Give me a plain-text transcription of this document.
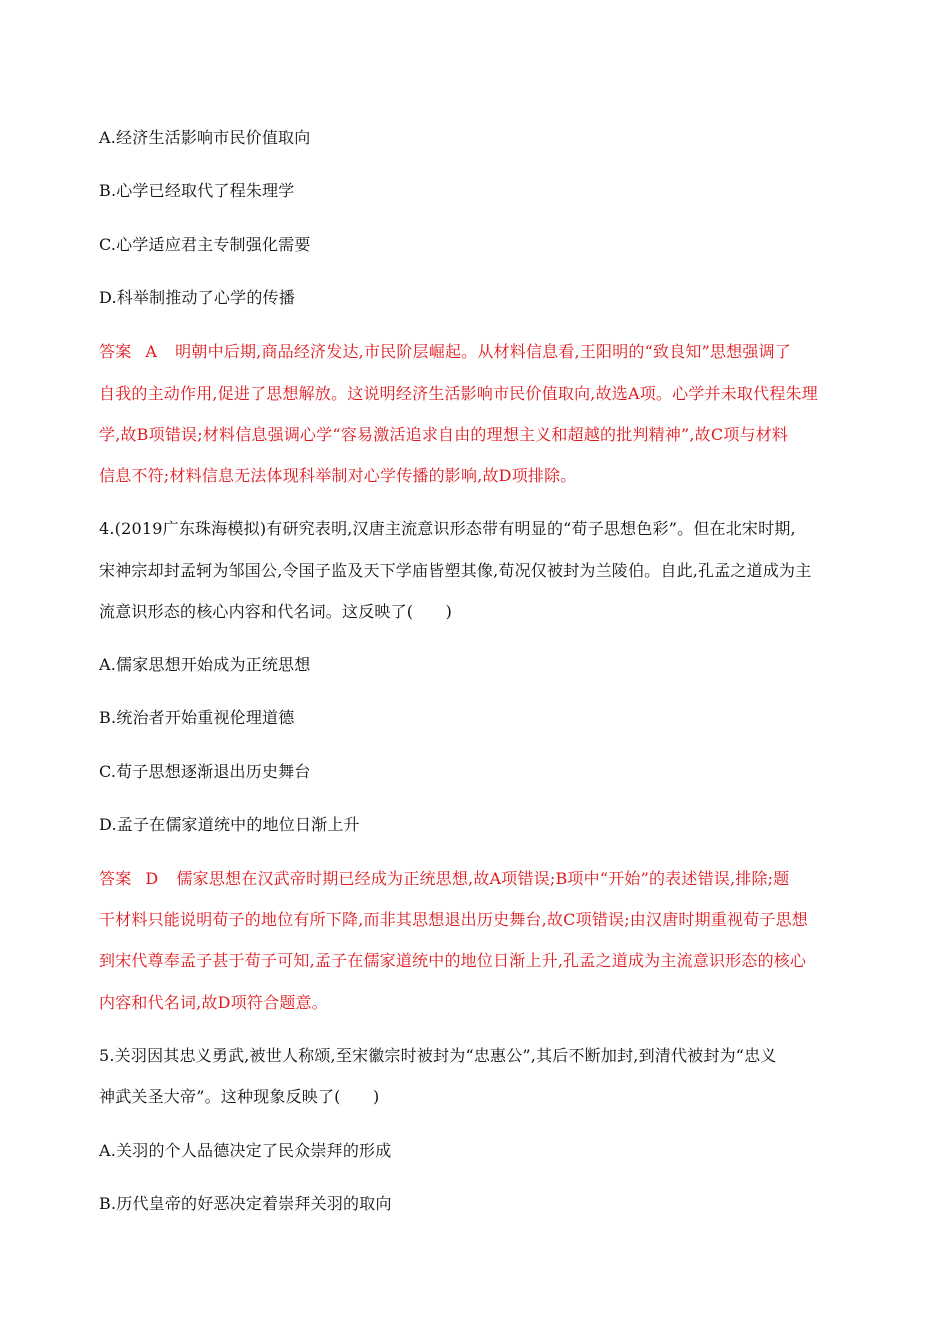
A.经济生活影响市民价值取向
B.心学已经取代了程朱理学
C.心学适应君主专制强化需要
D.科举制推动了心学的传播
答案 A 明朝中后期,商品经济发达,市民阶层崛起。从材料信息看,王阳明的“致良知”思想强调了
自我的主动作用,促进了思想解放。这说明经济生活影响市民价值取向,故选A项。心学并未取代程朱理
学,故B项错误;材料信息强调心学“容易激活追求自由的理想主义和超越的批判精神”,故C项与材料
信息不符;材料信息无法体现科举制对心学传播的影响,故D项排除。
4.(2019广东珠海模拟)有研究表明,汉唐主流意识形态带有明显的“荀子思想色彩”。但在北宋时期,
宋神宗却封孟轲为邹国公,令国子监及天下学庙皆塑其像,荀况仅被封为兰陵伯。自此,孔孟之道成为主
流意识形态的核心内容和代名词。这反映了(　　)
A.儒家思想开始成为正统思想
B.统治者开始重视伦理道德
C.荀子思想逐渐退出历史舞台
D.孟子在儒家道统中的地位日渐上升
答案 D 儒家思想在汉武帝时期已经成为正统思想,故A项错误;B项中“开始”的表述错误,排除;题
干材料只能说明荀子的地位有所下降,而非其思想退出历史舞台,故C项错误;由汉唐时期重视荀子思想
到宋代尊奉孟子甚于荀子可知,孟子在儒家道统中的地位日渐上升,孔孟之道成为主流意识形态的核心
内容和代名词,故D项符合题意。
5.关羽因其忠义勇武,被世人称颂,至宋徽宗时被封为“忠惠公”,其后不断加封,到清代被封为“忠义
神武关圣大帝”。这种现象反映了(　　)
A.关羽的个人品德决定了民众崇拜的形成
B.历代皇帝的好恶决定着崇拜关羽的取向
